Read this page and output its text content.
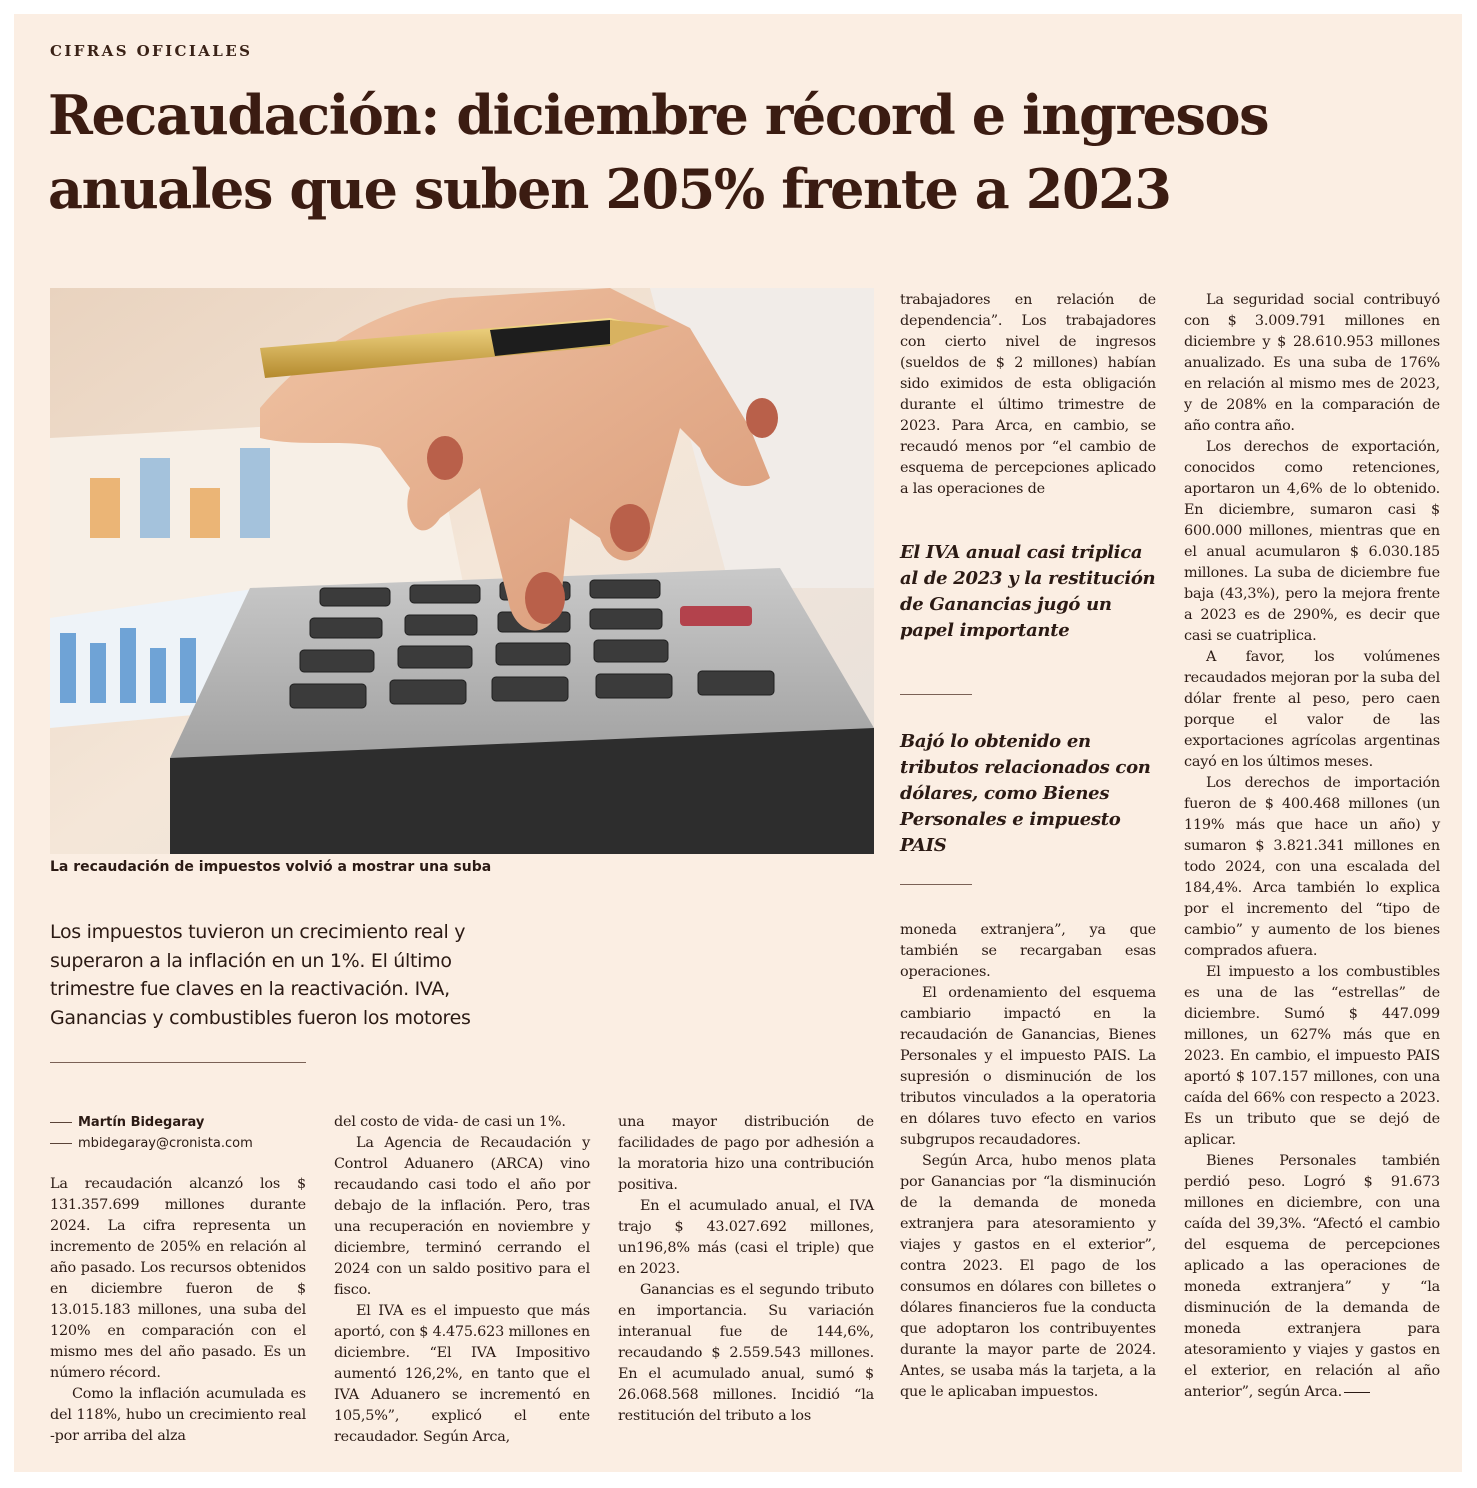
CIFRAS OFICIALES
Recaudación: diciembre récord e ingresos anuales que suben 205% frente a 2023
La recaudación de impuestos volvió a mostrar una suba
Los impuestos tuvieron un crecimiento real y superaron a la inflación en un 1%. El último trimestre fue claves en la reactivación. IVA, Ganancias y combustibles fueron los motores
Martín Bidegaray
mbidegaray@cronista.com

La recaudación alcanzó los $ 131.357.699 millones durante 2024. La cifra representa un incremento de 205% en relación al año pasado. Los recursos obtenidos en diciembre fueron de $ 13.015.183 millones, una suba del 120% en comparación con el mismo mes del año pasado. Es un número récord.

Como la inflación acumulada es del 118%, hubo un crecimiento real -por arriba del alza

del costo de vida- de casi un 1%.

La Agencia de Recaudación y Control Aduanero (ARCA) vino recaudando casi todo el año por debajo de la inflación. Pero, tras una recuperación en noviembre y diciembre, terminó cerrando el 2024 con un saldo positivo para el fisco.

El IVA es el impuesto que más aportó, con $ 4.475.623 millones en diciembre. “El IVA Impositivo aumentó 126,2%, en tanto que el IVA Aduanero se incrementó en 105,5%”, explicó el ente recaudador. Según Arca,

una mayor distribución de facilidades de pago por adhesión a la moratoria hizo una contribución positiva.

En el acumulado anual, el IVA trajo $ 43.027.692 millones, un196,8% más (casi el triple) que en 2023.

Ganancias es el segundo tributo en importancia. Su variación interanual fue de 144,6%, recaudando $ 2.559.543 millones. En el acumulado anual, sumó $ 26.068.568 millones. Incidió “la restitución del tributo a los

trabajadores en relación de dependencia”. Los trabajadores con cierto nivel de ingresos (sueldos de $ 2 millones) habían sido eximidos de esta obligación durante el último trimestre de 2023. Para Arca, en cambio, se recaudó menos por “el cambio de esquema de percepciones aplicado a las operaciones de

El IVA anual casi triplica al de 2023 y la restitución de Ganancias jugó un papel importante
Bajó lo obtenido en tributos relacionados con dólares, como Bienes Personales e impuesto PAIS

moneda extranjera”, ya que también se recargaban esas operaciones.

El ordenamiento del esquema cambiario impactó en la recaudación de Ganancias, Bienes Personales y el impuesto PAIS. La supresión o disminución de los tributos vinculados a la operatoria en dólares tuvo efecto en varios subgrupos recaudadores.

Según Arca, hubo menos plata por Ganancias por “la disminución de la demanda de moneda extranjera para atesoramiento y viajes y gastos en el exterior”, contra 2023. El pago de los consumos en dólares con billetes o dólares financieros fue la conducta que adoptaron los contribuyentes durante la mayor parte de 2024. Antes, se usaba más la tarjeta, a la que le aplicaban impuestos.

La seguridad social contribuyó con $ 3.009.791 millones en diciembre y $ 28.610.953 millones anualizado. Es una suba de 176% en relación al mismo mes de 2023, y de 208% en la comparación de año contra año.

Los derechos de exportación, conocidos como retenciones, aportaron un 4,6% de lo obtenido. En diciembre, sumaron casi $ 600.000 millones, mientras que en el anual acumularon $ 6.030.185 millones. La suba de diciembre fue baja (43,3%), pero la mejora frente a 2023 es de 290%, es decir que casi se cuatriplica.

A favor, los volúmenes recaudados mejoran por la suba del dólar frente al peso, pero caen porque el valor de las exportaciones agrícolas argentinas cayó en los últimos meses.

Los derechos de importación fueron de $ 400.468 millones (un 119% más que hace un año) y sumaron $ 3.821.341 millones en todo 2024, con una escalada del 184,4%. Arca también lo explica por el incremento del “tipo de cambio” y aumento de los bienes comprados afuera.

El impuesto a los combustibles es una de las “estrellas” de diciembre. Sumó $ 447.099 millones, un 627% más que en 2023. En cambio, el impuesto PAIS aportó $ 107.157 millones, con una caída del 66% con respecto a 2023. Es un tributo que se dejó de aplicar.

Bienes Personales también perdió peso. Logró $ 91.673 millones en diciembre, con una caída del 39,3%. “Afectó el cambio del esquema de percepciones aplicado a las operaciones de moneda extranjera” y “la disminución de la demanda de moneda extranjera para atesoramiento y viajes y gastos en el exterior, en relación al año anterior”, según Arca.
